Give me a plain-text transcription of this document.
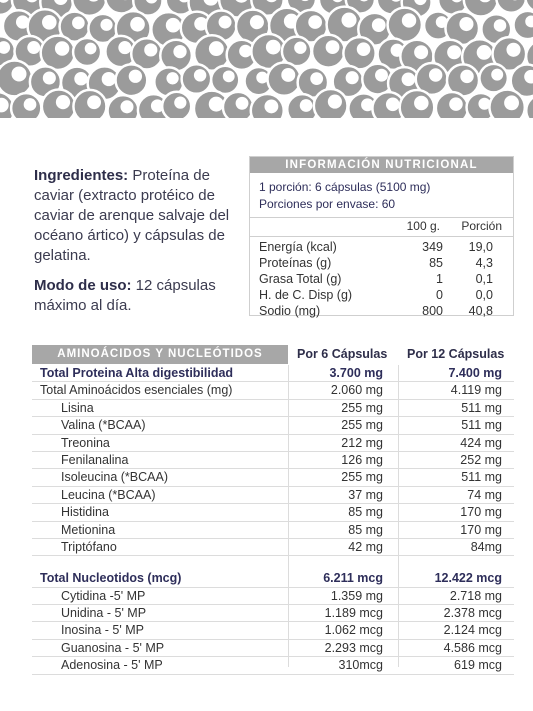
Ingredientes: Proteína de caviar (extracto protéico de caviar de arenque salvaje del océano ártico) y cápsulas de gelatina.

Modo de uso: 12 cápsulas máximo al día.

INFORMACIÓN NUTRICIONAL
1 porción: 6 cápsulas (5100 mg)
Porciones por envase: 60
100 g. Porción
Energía (kcal)	349 19,0
Proteínas (g)	85	4,3
Grasa Total (g)	1	0,1
H. de C. Disp (g)	0	0,0
Sodio (mg)	800 40,8
AMINOÁCIDOS Y NUCLEÓTIDOS	Por 6 Cápsulas Por 12 Cápsulas
Total Proteina Alta digestibilidad	3.700 mg	7.400 mg
Total Aminoácidos esenciales (mg)	2.060 mg	4.119 mg
Lisina	255 mg	511 mg
Valina (*BCAA)	255 mg	511 mg
Treonina	212 mg	424 mg
Fenilanalina	126 mg	252 mg
Isoleucina (*BCAA)	255 mg	511 mg
Leucina (*BCAA)	37 mg	74 mg
Histidina	85 mg	170 mg
Metionina	85 mg	170 mg
Triptófano	42 mg	84mg
Total Nucleotidos (mcg)	6.211 mcg	12.422 mcg
Cytidina -5' MP	1.359 mg	2.718 mg
Unidina - 5' MP	1.189 mcg	2.378 mcg
Inosina - 5' MP	1.062 mcg	2.124 mcg
Guanosina - 5' MP	2.293 mcg	4.586 mcg
Adenosina - 5' MP	310mcg	619 mcg
